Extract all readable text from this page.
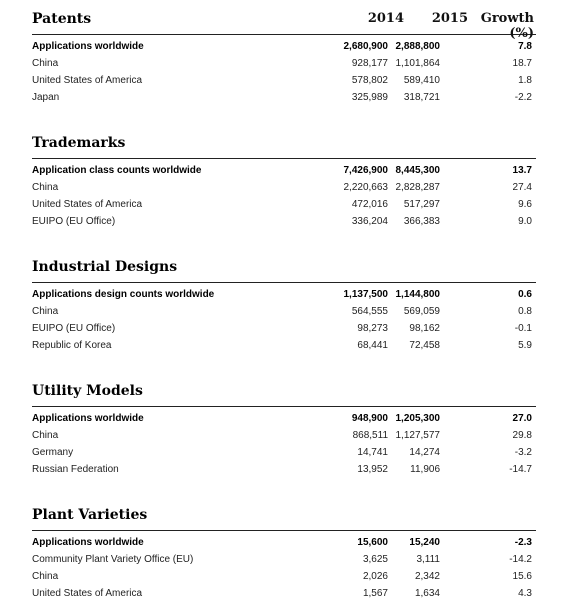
Patents	2014	2015 Growth (%)
Applications worldwide	2,680,900 2,888,800	7.8
China	928,177 1,101,864	18.7
United States of America	578,802	589,410	1.8
Japan	325,989	318,721	-2.2
Trademarks
Application class counts worldwide	7,426,900 8,445,300	13.7
China	2,220,663 2,828,287	27.4
United States of America	472,016	517,297	9.6
EUIPO (EU Office)	336,204	366,383	9.0
Industrial Designs
Applications design counts worldwide	1,137,500 1,144,800	0.6
China	564,555	569,059	0.8
EUIPO (EU Office)	98,273	98,162	-0.1
Republic of Korea	68,441	72,458	5.9
Utility Models
Applications worldwide	948,900 1,205,300	27.0
China	868,511 1,127,577	29.8
Germany	14,741	14,274	-3.2
Russian Federation	13,952	11,906	-14.7
Plant Varieties
Applications worldwide	15,600	15,240	-2.3
Community Plant Variety Office (EU)	3,625	3,111	-14.2
China	2,026	2,342	15.6
United States of America	1,567	1,634	4.3
